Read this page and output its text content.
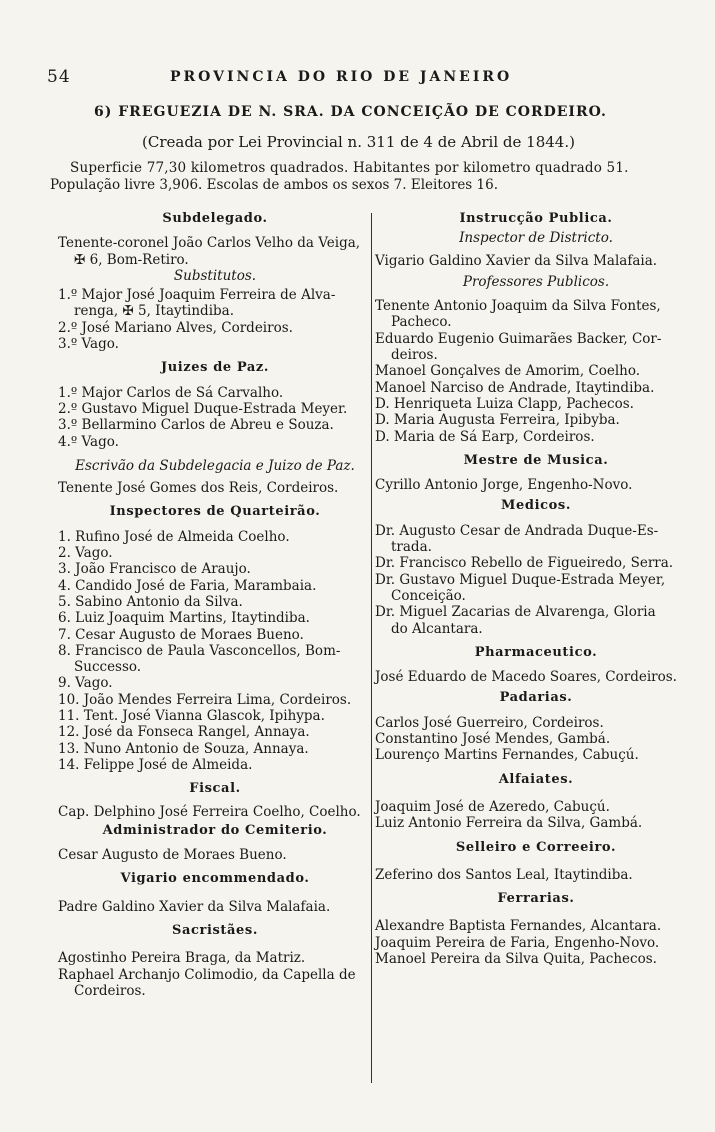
54	PROVINCIA DO RIO DE JANEIRO
6) FREGUEZIA DE N. SRA. DA CONCEIÇÃO DE CORDEIRO.
(Creada por Lei Provincial n. 311 de 4 de Abril de 1844.)
Superficie 77,30 kilometros quadrados. Habitantes por kilometro quadrado 51.
População livre 3,906. Escolas de ambos os sexos 7. Eleitores 16.
Subdelegado.

Tenente-coronel João Carlos Velho da Veiga,

✠ 6, Bom-Retiro.

Substitutos.

1.º Major José Joaquim Ferreira de Alva-

renga, ✠ 5, Itaytindiba.

2.º José Mariano Alves, Cordeiros.

3.º Vago.

Juizes de Paz.

1.º Major Carlos de Sá Carvalho.

2.º Gustavo Miguel Duque-Estrada Meyer.

3.º Bellarmino Carlos de Abreu e Souza.

4.º Vago.

Escrivão da Subdelegacia e Juizo de Paz.

Tenente José Gomes dos Reis, Cordeiros.

Inspectores de Quarteirão.

1. Rufino José de Almeida Coelho.

2. Vago.

3. João Francisco de Araujo.

4. Candido José de Faria, Marambaia.

5. Sabino Antonio da Silva.

6. Luiz Joaquim Martins, Itaytindiba.

7. Cesar Augusto de Moraes Bueno.

8. Francisco de Paula Vasconcellos, Bom-

Successo.

9. Vago.

10. João Mendes Ferreira Lima, Cordeiros.

11. Tent. José Vianna Glascok, Ipihypa.

12. José da Fonseca Rangel, Annaya.

13. Nuno Antonio de Souza, Annaya.

14. Felippe José de Almeida.

Fiscal.

Cap. Delphino José Ferreira Coelho, Coelho.

Administrador do Cemiterio.

Cesar Augusto de Moraes Bueno.

Vigario encommendado.

Padre Galdino Xavier da Silva Malafaia.

Sacristães.

Agostinho Pereira Braga, da Matriz.

Raphael Archanjo Colimodio, da Capella de

Cordeiros.

Instrucção Publica.
Inspector de Districto.

Vigario Galdino Xavier da Silva Malafaia.

Professores Publicos.

Tenente Antonio Joaquim da Silva Fontes,

Pacheco.

Eduardo Eugenio Guimarães Backer, Cor-

deiros.

Manoel Gonçalves de Amorim, Coelho.

Manoel Narciso de Andrade, Itaytindiba.

D. Henriqueta Luiza Clapp, Pachecos.

D. Maria Augusta Ferreira, Ipibyba.

D. Maria de Sá Earp, Cordeiros.

Mestre de Musica.

Cyrillo Antonio Jorge, Engenho-Novo.

Medicos.

Dr. Augusto Cesar de Andrada Duque-Es-

trada.

Dr. Francisco Rebello de Figueiredo, Serra.

Dr. Gustavo Miguel Duque-Estrada Meyer,

Conceição.

Dr. Miguel Zacarias de Alvarenga, Gloria

do Alcantara.

Pharmaceutico.

José Eduardo de Macedo Soares, Cordeiros.

Padarias.

Carlos José Guerreiro, Cordeiros.

Constantino José Mendes, Gambá.

Lourenço Martins Fernandes, Cabuçú.

Alfaiates.

Joaquim José de Azeredo, Cabuçú.

Luiz Antonio Ferreira da Silva, Gambá.

Selleiro e Correeiro.

Zeferino dos Santos Leal, Itaytindiba.

Ferrarias.

Alexandre Baptista Fernandes, Alcantara.

Joaquim Pereira de Faria, Engenho-Novo.

Manoel Pereira da Silva Quita, Pachecos.
